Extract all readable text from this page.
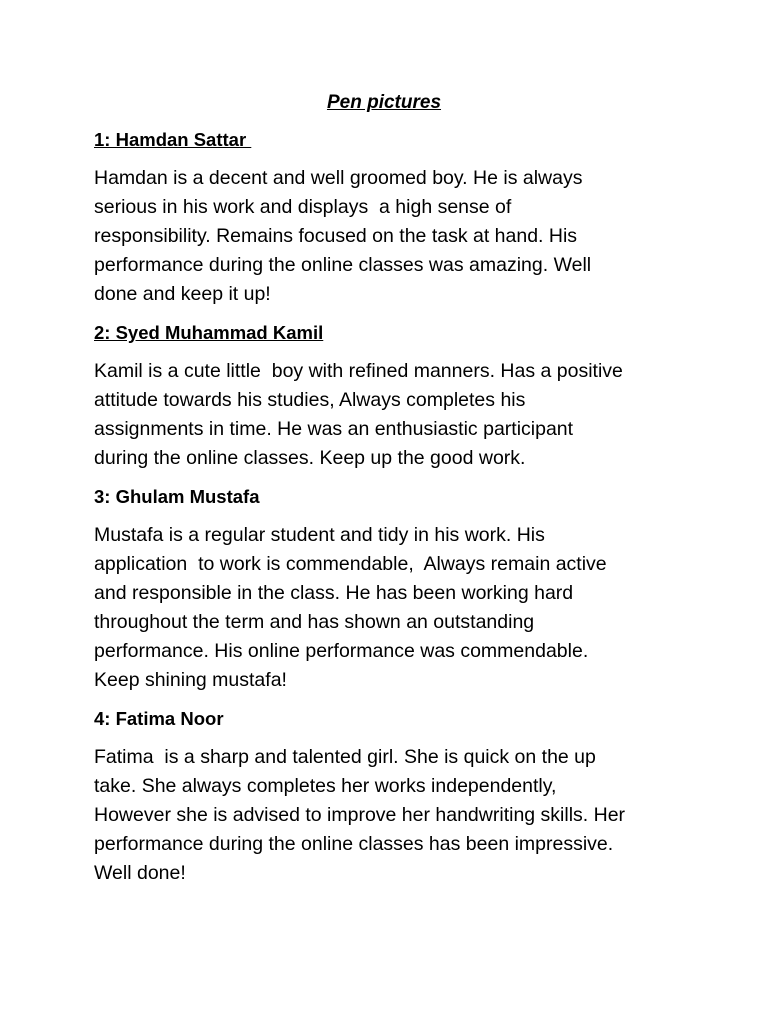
Pen pictures
1: Hamdan Sattar

Hamdan is a decent and well groomed boy. He is always
serious in his work and displays  a high sense of
responsibility. Remains focused on the task at hand. His
performance during the online classes was amazing. Well
done and keep it up!

2: Syed Muhammad Kamil

Kamil is a cute little  boy with refined manners. Has a positive
attitude towards his studies, Always completes his
assignments in time. He was an enthusiastic participant
during the online classes. Keep up the good work.

3: Ghulam Mustafa

Mustafa is a regular student and tidy in his work. His
application  to work is commendable,  Always remain active
and responsible in the class. He has been working hard
throughout the term and has shown an outstanding
performance. His online performance was commendable.
Keep shining mustafa!

4: Fatima Noor

Fatima  is a sharp and talented girl. She is quick on the up
take. She always completes her works independently,
However she is advised to improve her handwriting skills. Her
performance during the online classes has been impressive.
Well done!
